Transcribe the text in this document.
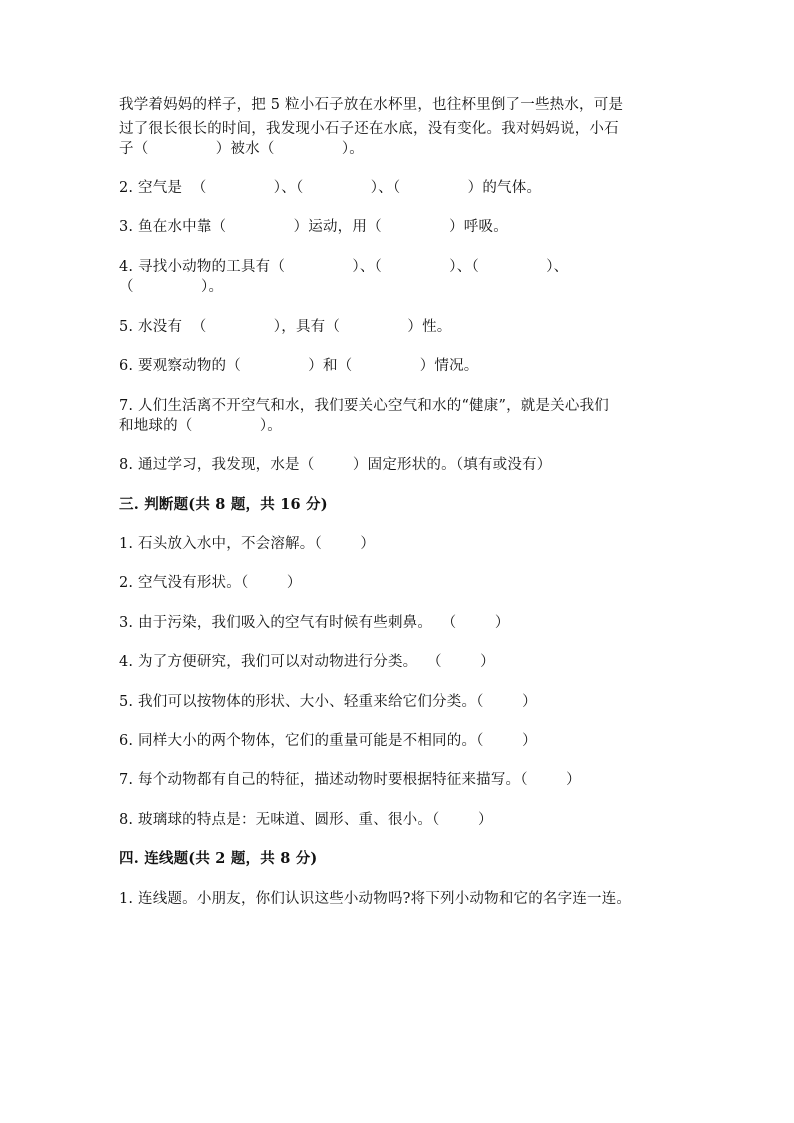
我学着妈妈的样子，把 5 粒小石子放在水杯里，也往杯里倒了一些热水，可是
过了很长很长的时间，我发现小石子还在水底，没有变化。我对妈妈说，小石
子（              ）被水（              ）。
2. 空气是  （              ）、（              ）、（              ）的气体。
3. 鱼在水中靠（              ）运动，用（              ）呼吸。
4. 寻找小动物的工具有（              ）、（              ）、（              ）、
（              ）。
5. 水没有  （              ），具有（              ）性。
6. 要观察动物的（              ）和（              ）情况。
7. 人们生活离不开空气和水，我们要关心空气和水的“健康”，就是关心我们
和地球的（              ）。
8. 通过学习，我发现，水是（        ）固定形状的。（填有或没有）
三. 判断题(共 8 题，共 16 分)
1. 石头放入水中，不会溶解。（        ）
2. 空气没有形状。（        ）
3. 由于污染，我们吸入的空气有时候有些刺鼻。  （        ）
4. 为了方便研究，我们可以对动物进行分类。  （        ）
5. 我们可以按物体的形状、大小、轻重来给它们分类。（        ）
6. 同样大小的两个物体，它们的重量可能是不相同的。（        ）
7. 每个动物都有自己的特征，描述动物时要根据特征来描写。（        ）
8. 玻璃球的特点是：无味道、圆形、重、很小。（        ）
四. 连线题(共 2 题，共 8 分)
1. 连线题。小朋友，你们认识这些小动物吗?将下列小动物和它的名字连一连。
